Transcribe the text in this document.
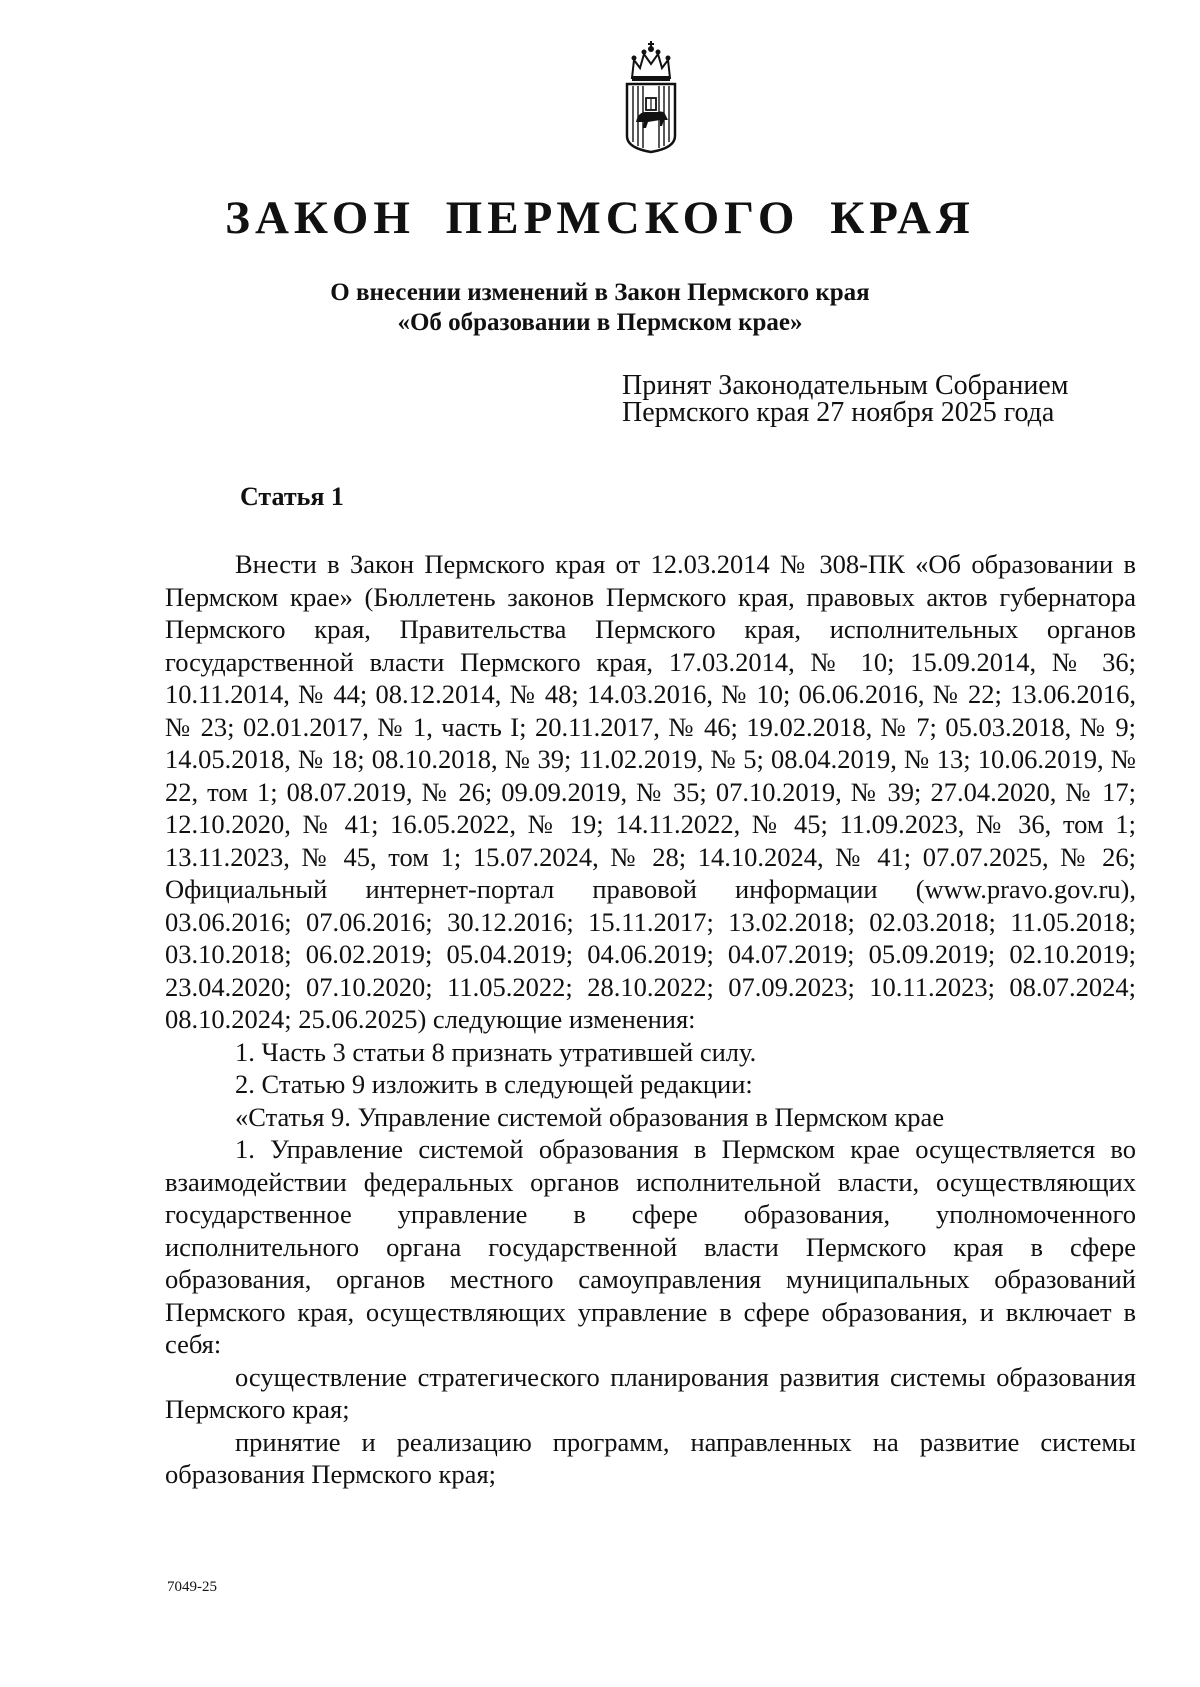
ЗАКОН ПЕРМСКОГО КРАЯ
О внесении изменений в Закон Пермского края
«Об образовании в Пермском крае»
Принят Законодательным Собранием
Пермского края 27 ноября 2025 года
Статья 1

Внести в Закон Пермского края от 12.03.2014 № 308-ПК «Об образовании в Пермском крае» (Бюллетень законов Пермского края, правовых актов губернатора Пермского края, Правительства Пермского края, исполнительных органов государственной власти Пермского края, 17.03.2014, № 10; 15.09.2014, № 36; 10.11.2014, № 44; 08.12.2014, № 48; 14.03.2016, № 10; 06.06.2016, № 22; 13.06.2016, № 23; 02.01.2017, № 1, часть I; 20.11.2017, № 46; 19.02.2018, № 7; 05.03.2018, № 9; 14.05.2018, № 18; 08.10.2018, № 39; 11.02.2019, № 5; 08.04.2019, № 13; 10.06.2019, № 22, том 1; 08.07.2019, № 26; 09.09.2019, № 35; 07.10.2019, № 39; 27.04.2020, № 17; 12.10.2020, № 41; 16.05.2022, № 19; 14.11.2022, № 45; 11.09.2023, № 36, том 1; 13.11.2023, № 45, том 1; 15.07.2024, № 28; 14.10.2024, № 41; 07.07.2025, № 26; Официальный интернет-портал правовой информации (www.pravo.gov.ru), 03.06.2016; 07.06.2016; 30.12.2016; 15.11.2017; 13.02.2018; 02.03.2018; 11.05.2018; 03.10.2018; 06.02.2019; 05.04.2019; 04.06.2019; 04.07.2019; 05.09.2019; 02.10.2019; 23.04.2020; 07.10.2020; 11.05.2022; 28.10.2022; 07.09.2023; 10.11.2023; 08.07.2024; 08.10.2024; 25.06.2025) следующие изменения:

1. Часть 3 статьи 8 признать утратившей силу.

2. Статью 9 изложить в следующей редакции:

«Статья 9. Управление системой образования в Пермском крае

1. Управление системой образования в Пермском крае осуществляется во взаимодействии федеральных органов исполнительной власти, осуществляющих государственное управление в сфере образования, уполномоченного исполнительного органа государственной власти Пермского края в сфере образования, органов местного самоуправления муниципальных образований Пермского края, осуществляющих управление в сфере образования, и включает в себя:

осуществление стратегического планирования развития системы образования Пермского края;

принятие и реализацию программ, направленных на развитие системы образования Пермского края;

7049-25
